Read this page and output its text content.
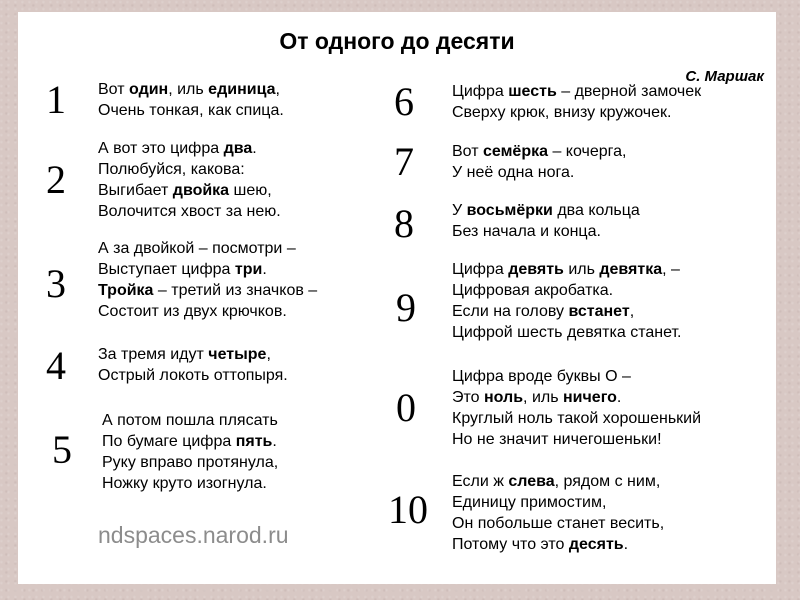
От одного до десяти
С. Маршак
1 Вот один, иль единица,
Очень тонкая, как спица.
2
А вот это цифра два.
Полюбуйся, какова:
Выгибает двойка шею,
Волочится хвост за нею.
3
А за двойкой – посмотри –
Выступает цифра три.
Тройка – третий из значков –
Состоит из двух крючков.
4 За тремя идут четыре,
Острый локоть оттопыря.
5
А потом пошла плясать
По бумаге цифра пять.
Руку вправо протянула,
Ножку круто изогнула.
6 Цифра шесть – дверной замочек
Сверху крюк, внизу кружочек.
7 Вот семёрка – кочерга,
У неё одна нога.
8 У восьмёрки два кольца
Без начала и конца.
9
Цифра девять иль девятка, –
Цифровая акробатка.
Если на голову встанет,
Цифрой шесть девятка станет.
0
Цифра вроде буквы О –
Это ноль, иль ничего.
Круглый ноль такой хорошенький
Но не значит ничегошеньки!
10
Если ж слева, рядом с ним,
Единицу примостим,
Он побольше станет весить,
Потому что это десять.
ndspaces.narod.ru
